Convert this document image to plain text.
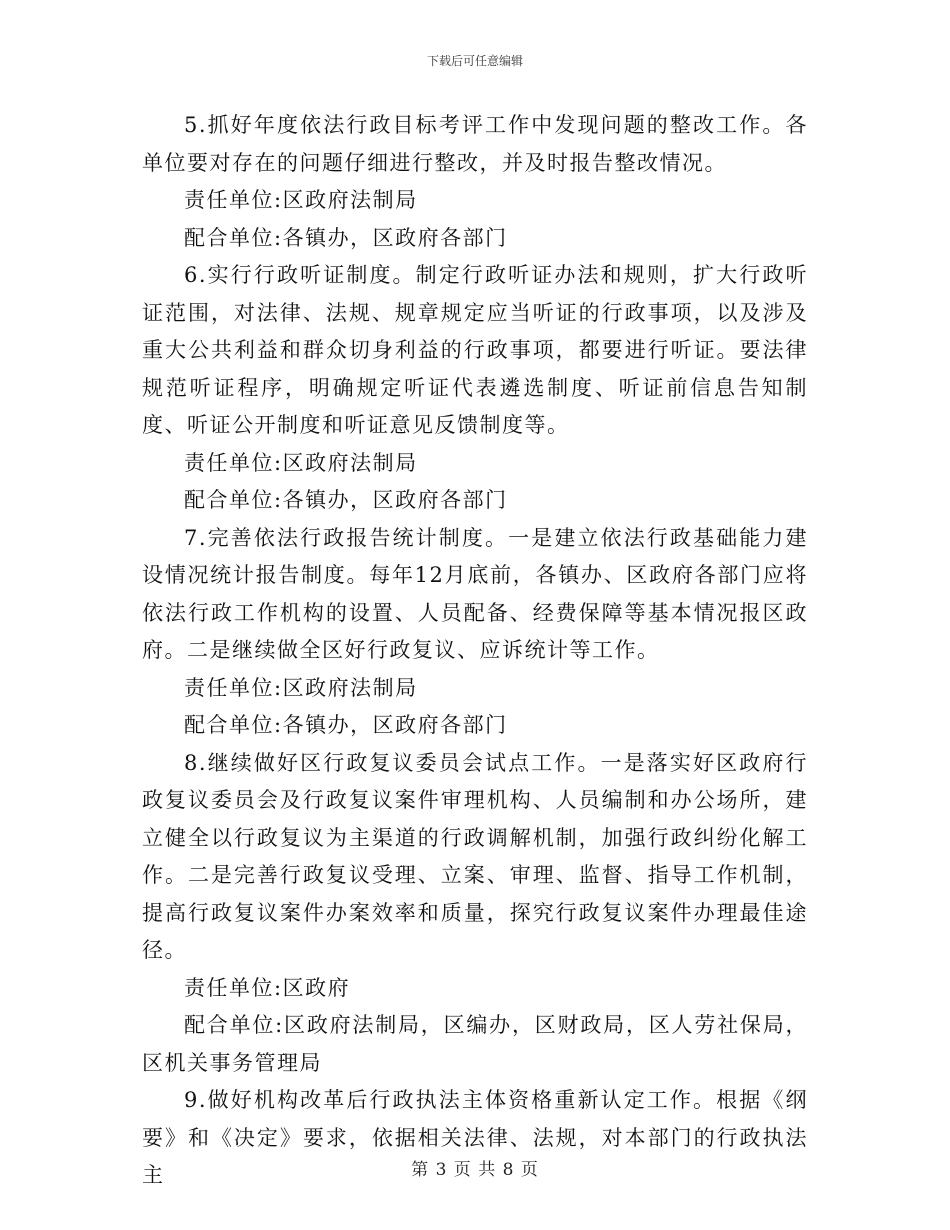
下载后可任意编辑

5.抓好年度依法行政目标考评工作中发现问题的整改工作。各单位要对存在的问题仔细进行整改，并及时报告整改情况。

责任单位:区政府法制局

配合单位:各镇办，区政府各部门

6.实行行政听证制度。制定行政听证办法和规则，扩大行政听证范围，对法律、法规、规章规定应当听证的行政事项，以及涉及重大公共利益和群众切身利益的行政事项，都要进行听证。要法律规范听证程序，明确规定听证代表遴选制度、听证前信息告知制度、听证公开制度和听证意见反馈制度等。

责任单位:区政府法制局

配合单位:各镇办，区政府各部门

7.完善依法行政报告统计制度。一是建立依法行政基础能力建设情况统计报告制度。每年12月底前，各镇办、区政府各部门应将依法行政工作机构的设置、人员配备、经费保障等基本情况报区政府。二是继续做全区好行政复议、应诉统计等工作。

责任单位:区政府法制局

配合单位:各镇办，区政府各部门

8.继续做好区行政复议委员会试点工作。一是落实好区政府行政复议委员会及行政复议案件审理机构、人员编制和办公场所，建立健全以行政复议为主渠道的行政调解机制，加强行政纠纷化解工作。二是完善行政复议受理、立案、审理、监督、指导工作机制，提高行政复议案件办案效率和质量，探究行政复议案件办理最佳途径。

责任单位:区政府

配合单位:区政府法制局，区编办，区财政局，区人劳社保局，区机关事务管理局

9.做好机构改革后行政执法主体资格重新认定工作。根据《纲要》和《决定》要求，依据相关法律、法规，对本部门的行政执法主	第 3 页 共 8 页
